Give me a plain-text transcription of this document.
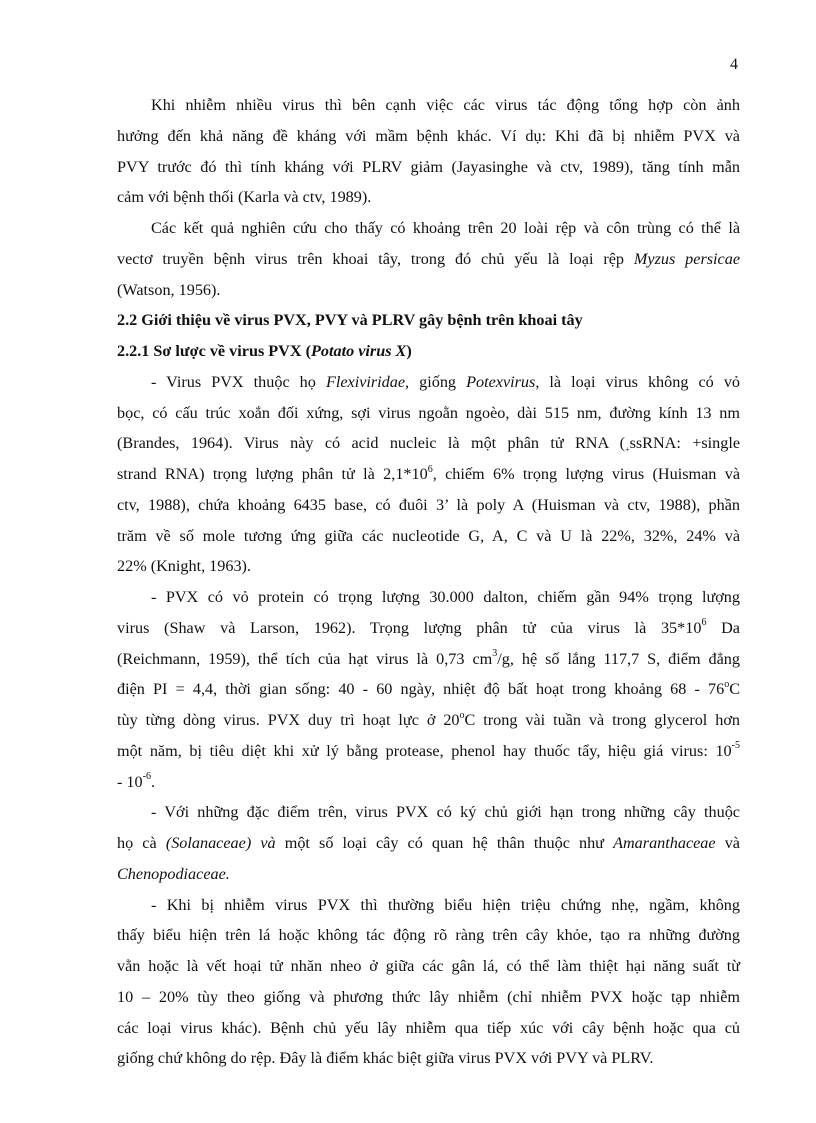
4
Khi nhiễm nhiều virus thì bên cạnh việc các virus tác động tổng hợp còn ảnh
hưởng đến khả năng đề kháng với mầm bệnh khác. Ví dụ: Khi đã bị nhiễm PVX và
PVY trước đó thì tính kháng với PLRV giảm (Jayasinghe và ctv, 1989), tăng tính mẫn
cảm với bệnh thối (Karla và ctv, 1989).
Các kết quả nghiên cứu cho thấy có khoảng trên 20 loài rệp và côn trùng có thể là
vectơ truyền bệnh virus trên khoai tây, trong đó chủ yếu là loại rệp Myzus persicae
(Watson, 1956).
2.2 Giới thiệu về virus PVX, PVY và PLRV gây bệnh trên khoai tây
2.2.1 Sơ lược về virus PVX (Potato virus X)
- Virus PVX thuộc họ Flexiviridae, giống Potexvirus, là loại virus không có vỏ
bọc, có cấu trúc xoắn đối xứng, sợi virus ngoằn ngoèo, dài 515 nm, đường kính 13 nm
(Brandes, 1964). Virus này có acid nucleic là một phân tử RNA ($_+ssRNA$: +single
strand RNA) trọng lượng phân tử là $2,1*10^6$, chiếm 6% trọng lượng virus (Huisman và
ctv, 1988), chứa khoảng 6435 base, có đuôi 3’ là poly A (Huisman và ctv, 1988), phần
trăm về số mole tương ứng giữa các nucleotide G, A, C và U là 22%, 32%, 24% và
22% (Knight, 1963).
- PVX có vỏ protein có trọng lượng 30.000 dalton, chiếm gần 94% trọng lượng
virus (Shaw và Larson, 1962). Trọng lượng phân tử của virus là $35*10^6$ Da
(Reichmann, 1959), thể tích của hạt virus là 0,73 $cm^3/g$, hệ số lắng 117,7 S, điểm đẳng
điện PI = 4,4, thời gian sống: 40 - 60 ngày, nhiệt độ bất hoạt trong khoảng 68 - 76$^o$C
tùy từng dòng virus. PVX duy trì hoạt lực ở 20$^o$C trong vài tuần và trong glycerol hơn
một năm, bị tiêu diệt khi xử lý bằng protease, phenol hay thuốc tẩy, hiệu giá virus: $10^{-5}$
- $10^{-6}$.
- Với những đặc điểm trên, virus PVX có ký chủ giới hạn trong những cây thuộc
họ cà (Solanaceae) và một số loại cây có quan hệ thân thuộc như Amaranthaceae và
Chenopodiaceae.
- Khi bị nhiễm virus PVX thì thường biểu hiện triệu chứng nhẹ, ngầm, không
thấy biểu hiện trên lá hoặc không tác động rõ ràng trên cây khỏe, tạo ra những đường
vằn hoặc là vết hoại tử nhăn nheo ở giữa các gân lá, có thể làm thiệt hại năng suất từ
10 – 20% tùy theo giống và phương thức lây nhiễm (chỉ nhiễm PVX hoặc tạp nhiễm
các loại virus khác). Bệnh chủ yếu lây nhiễm qua tiếp xúc với cây bệnh hoặc qua củ
giống chứ không do rệp. Đây là điểm khác biệt giữa virus PVX với PVY và PLRV.
